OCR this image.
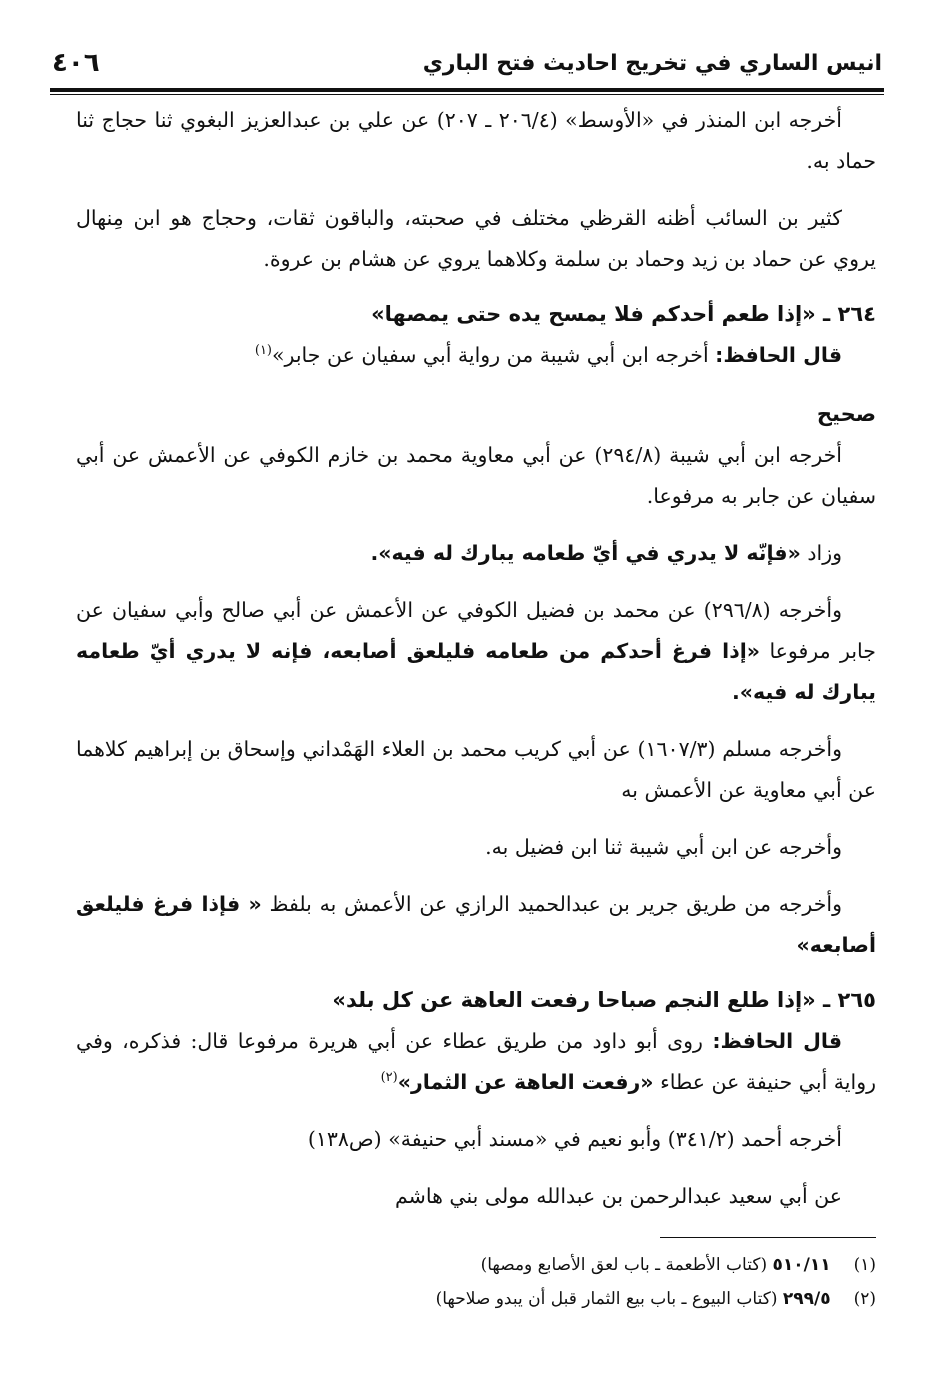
انيس الساري في تخريج احاديث فتح الباري
٤٠٦

أخرجه ابن المنذر في «الأوسط» (٢٠٦/٤ ـ ٢٠٧) عن علي بن عبدالعزيز البغوي ثنا حجاج ثنا حماد به.

كثير بن السائب أظنه القرظي مختلف في صحبته، والباقون ثقات، وحجاج هو ابن مِنهال يروي عن حماد بن زيد وحماد بن سلمة وكلاهما يروي عن هشام بن عروة.

٢٦٤ ـ «إذا طعم أحدكم فلا يمسح يده حتى يمصها»

قال الحافظ: أخرجه ابن أبي شيبة من رواية أبي سفيان عن جابر»$^{(١)}$

صحيح

أخرجه ابن أبي شيبة (٢٩٤/٨) عن أبي معاوية محمد بن خازم الكوفي عن الأعمش عن أبي سفيان عن جابر به مرفوعا.

وزاد «فإنّه لا يدري في أيّ طعامه يبارك له فيه».

وأخرجه (٢٩٦/٨) عن محمد بن فضيل الكوفي عن الأعمش عن أبي صالح وأبي سفيان عن جابر مرفوعا «إذا فرغ أحدكم من طعامه فليلعق أصابعه، فإنه لا يدري أيّ طعامه يبارك له فيه».

وأخرجه مسلم (١٦٠٧/٣) عن أبي كريب محمد بن العلاء الهَمْداني وإسحاق بن إبراهيم كلاهما عن أبي معاوية عن الأعمش به

وأخرجه عن ابن أبي شيبة ثنا ابن فضيل به.

وأخرجه من طريق جرير بن عبدالحميد الرازي عن الأعمش به بلفظ « فإذا فرغ فليلعق أصابعه»

٢٦٥ ـ «إذا طلع النجم صباحا رفعت العاهة عن كل بلد»

قال الحافظ: روى أبو داود من طريق عطاء عن أبي هريرة مرفوعا قال: فذكره، وفي رواية أبي حنيفة عن عطاء «رفعت العاهة عن الثمار»$^{(٢)}$

أخرجه أحمد (٣٤١/٢) وأبو نعيم في «مسند أبي حنيفة» (ص١٣٨)

عن أبي سعيد عبدالرحمن بن عبدالله مولى بني هاشم

(١) ٥١٠/١١ (كتاب الأطعمة ـ باب لعق الأصابع ومصها)
(٢) ٢٩٩/٥ (كتاب البيوع ـ باب بيع الثمار قبل أن يبدو صلاحها)
